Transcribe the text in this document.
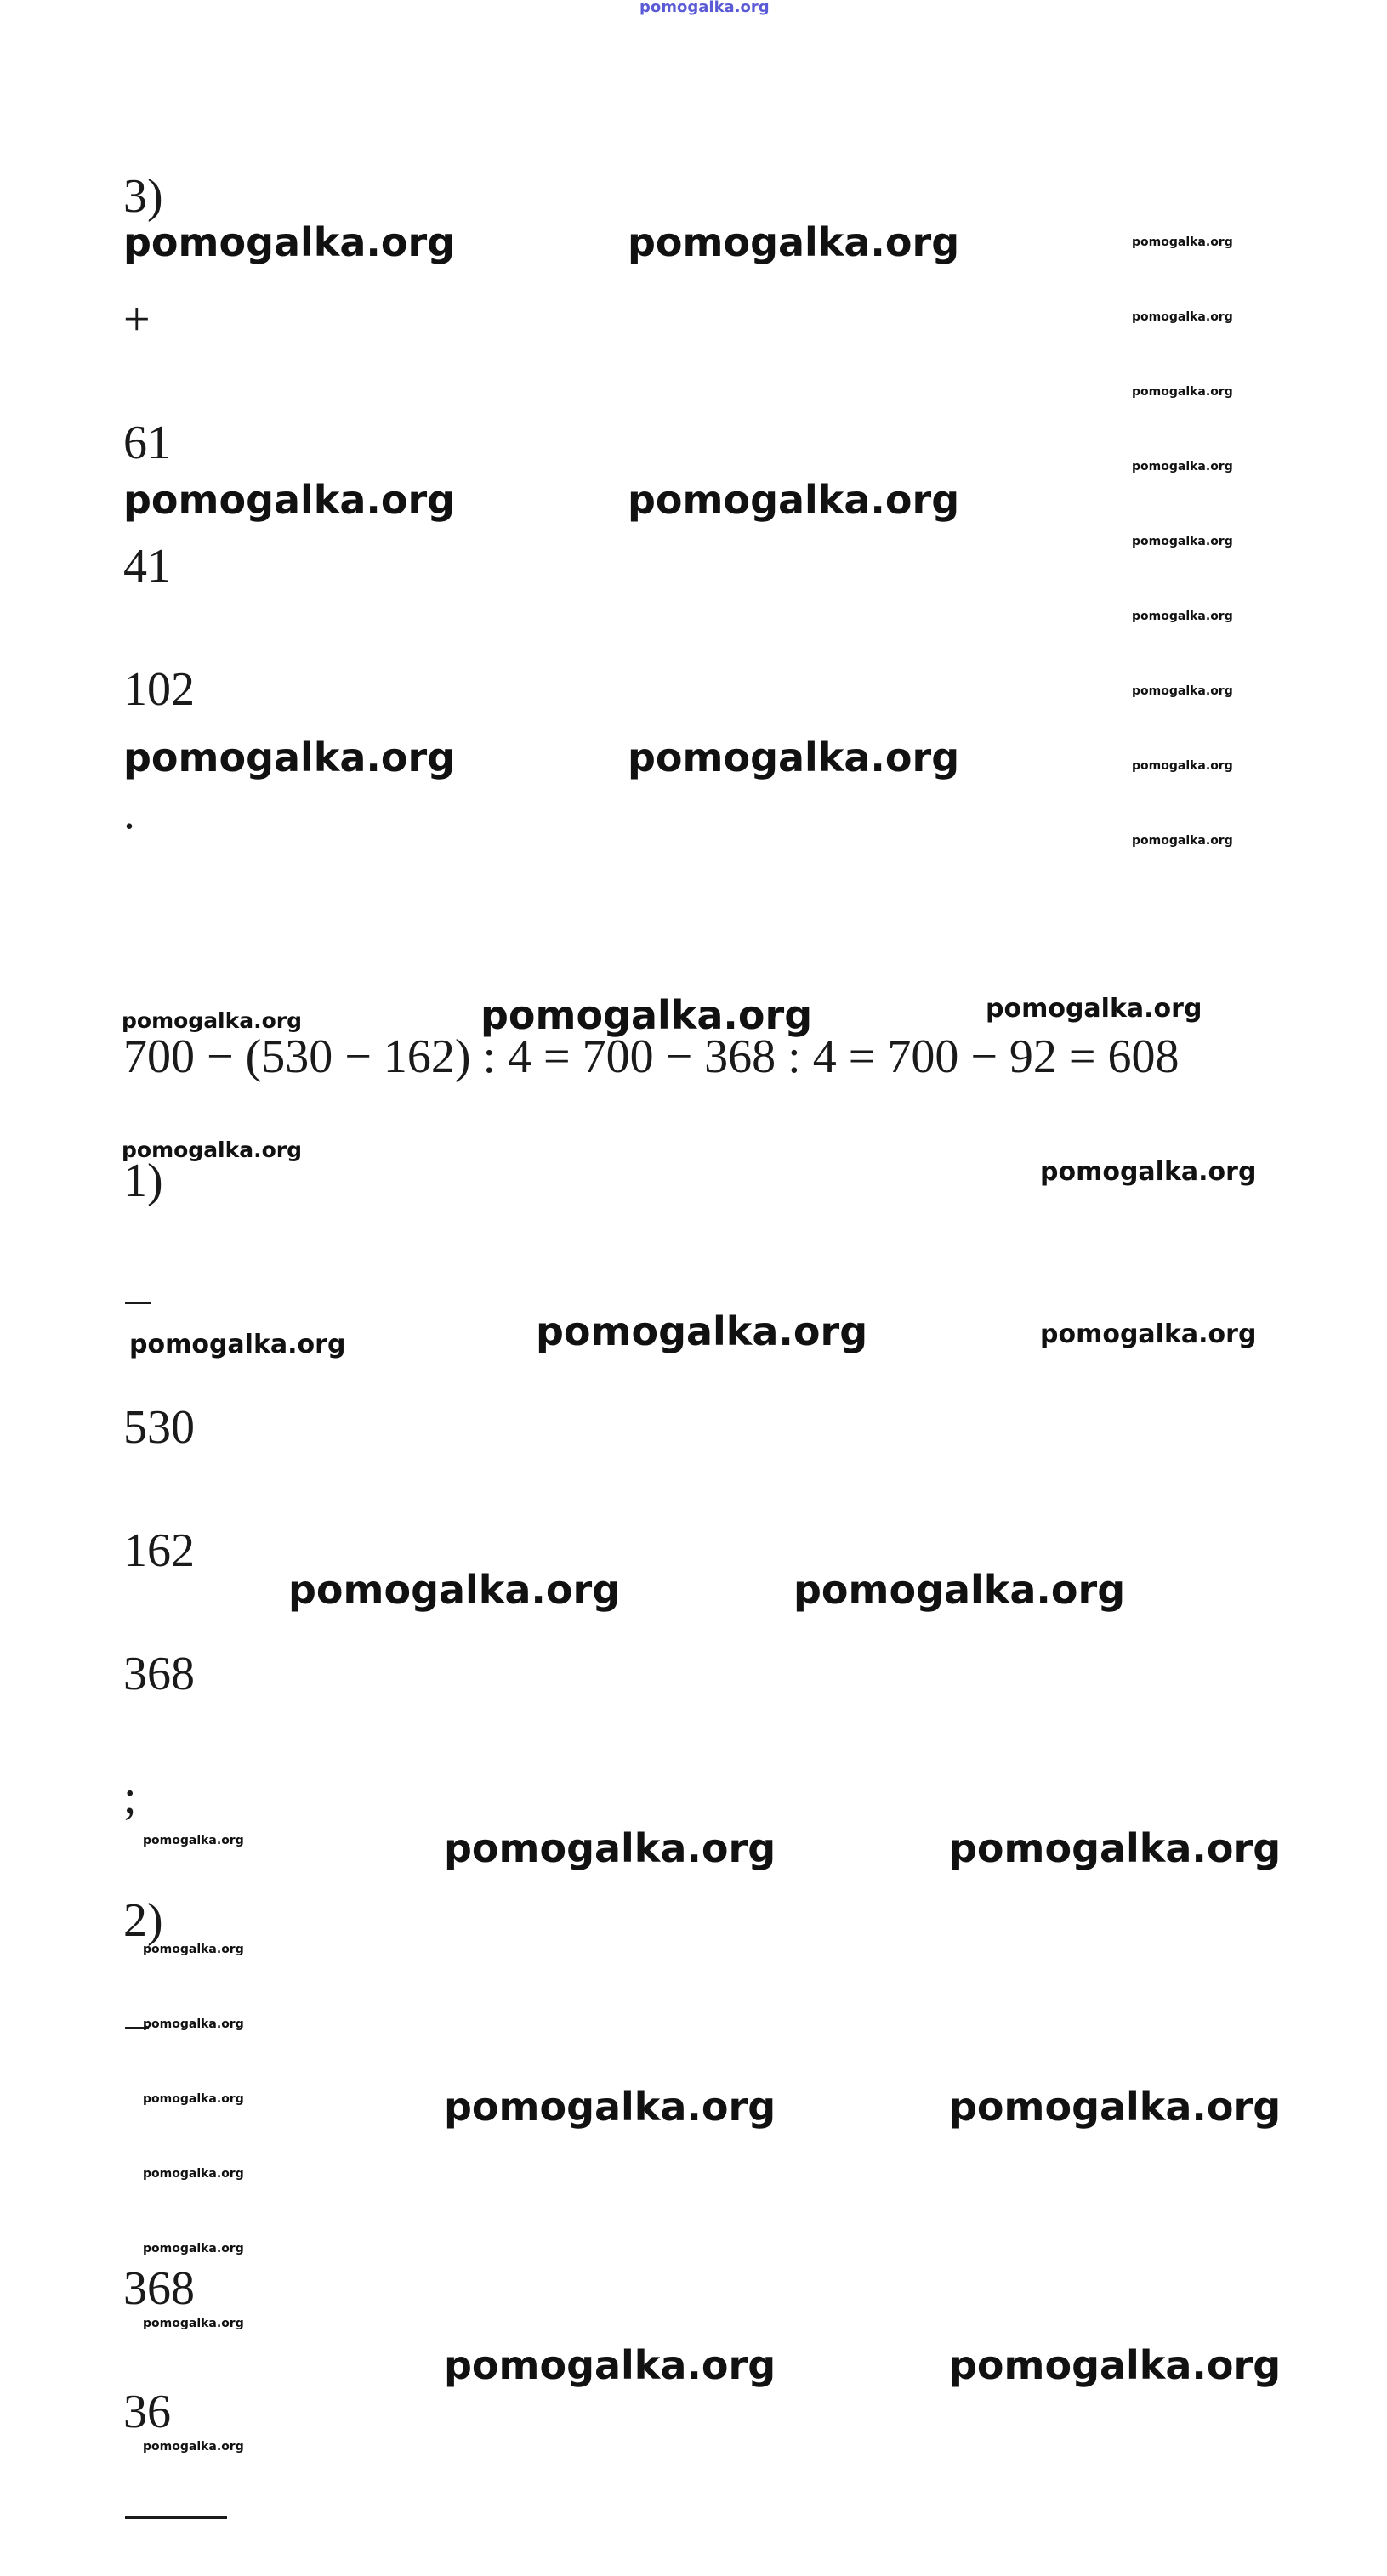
pomogalka.org
3)
+
61
41
102
.
700 − (530 − 162) : 4 = 700 − 368 : 4 = 700 − 92 = 608
1)
530
162
368
;
2)
368
36
pomogalka.org	pomogalka.org
pomogalka.org	pomogalka.org
pomogalka.org	pomogalka.org
pomogalka.org
pomogalka.org
pomogalka.org	pomogalka.org
pomogalka.org	pomogalka.org
pomogalka.org	pomogalka.org
pomogalka.org	pomogalka.org
pomogalka.org
pomogalka.org
pomogalka.org
pomogalka.org
pomogalka.org
pomogalka.org
pomogalka.org
pomogalka.org
pomogalka.org
pomogalka.org
pomogalka.org
pomogalka.org
pomogalka.org
pomogalka.org
pomogalka.org
pomogalka.org
pomogalka.org
pomogalka.org
pomogalka.org
pomogalka.org
pomogalka.org
pomogalka.org
pomogalka.org
